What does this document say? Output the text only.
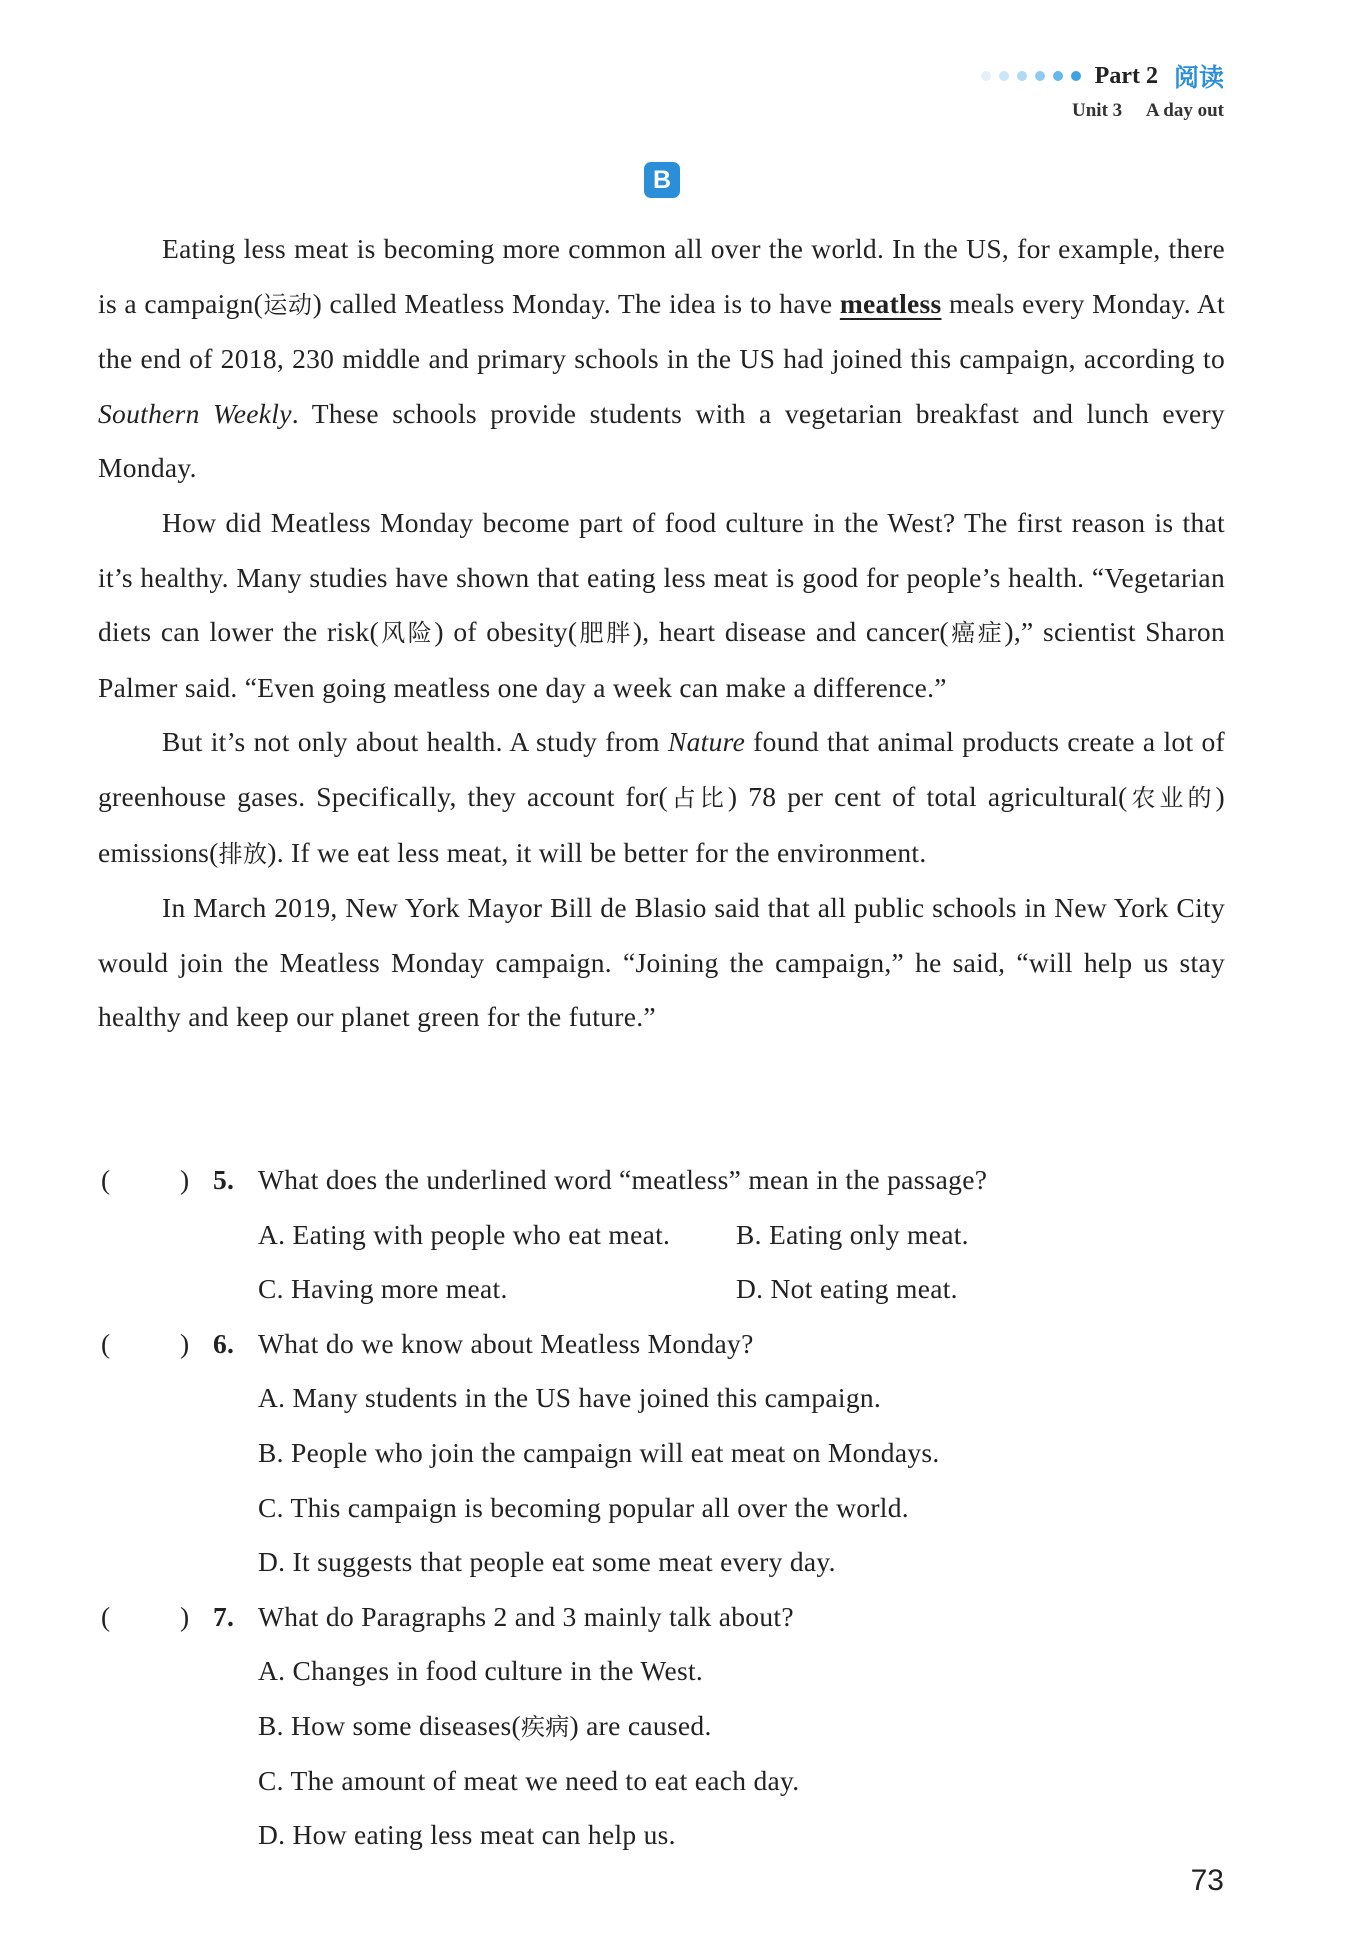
Part 2 阅读
Unit 3 A day out
B

Eating less meat is becoming more common all over the world. In the US, for example, there is a campaign(运动) called Meatless Monday. The idea is to have meatless meals every Monday. At the end of 2018, 230 middle and primary schools in the US had joined this campaign, according to Southern Weekly. These schools provide students with a vegetarian breakfast and lunch every Monday.

How did Meatless Monday become part of food culture in the West? The first reason is that it’s healthy. Many studies have shown that eating less meat is good for people’s health. “Vegetarian diets can lower the risk(风险) of obesity(肥胖), heart disease and cancer(癌症),” scientist Sharon Palmer said. “Even going meatless one day a week can make a difference.”

But it’s not only about health. A study from Nature found that animal products create a lot of greenhouse gases. Specifically, they account for(占比) 78 per cent of total agricultural(农业的) emissions(排放). If we eat less meat, it will be better for the environment.

In March 2019, New York Mayor Bill de Blasio said that all public schools in New York City would join the Meatless Monday campaign. “Joining the campaign,” he said, “will help us stay healthy and keep our planet green for the future.”

(	) 5. What does the underlined word “meatless” mean in the passage?
A. Eating with people who eat meat. B. Eating only meat.
C. Having more meat.	D. Not eating meat.
(	) 6. What do we know about Meatless Monday?
A. Many students in the US have joined this campaign.
B. People who join the campaign will eat meat on Mondays.
C. This campaign is becoming popular all over the world.
D. It suggests that people eat some meat every day.
(	) 7. What do Paragraphs 2 and 3 mainly talk about?
A. Changes in food culture in the West.
B. How some diseases(疾病) are caused.
C. The amount of meat we need to eat each day.
D. How eating less meat can help us.
73
